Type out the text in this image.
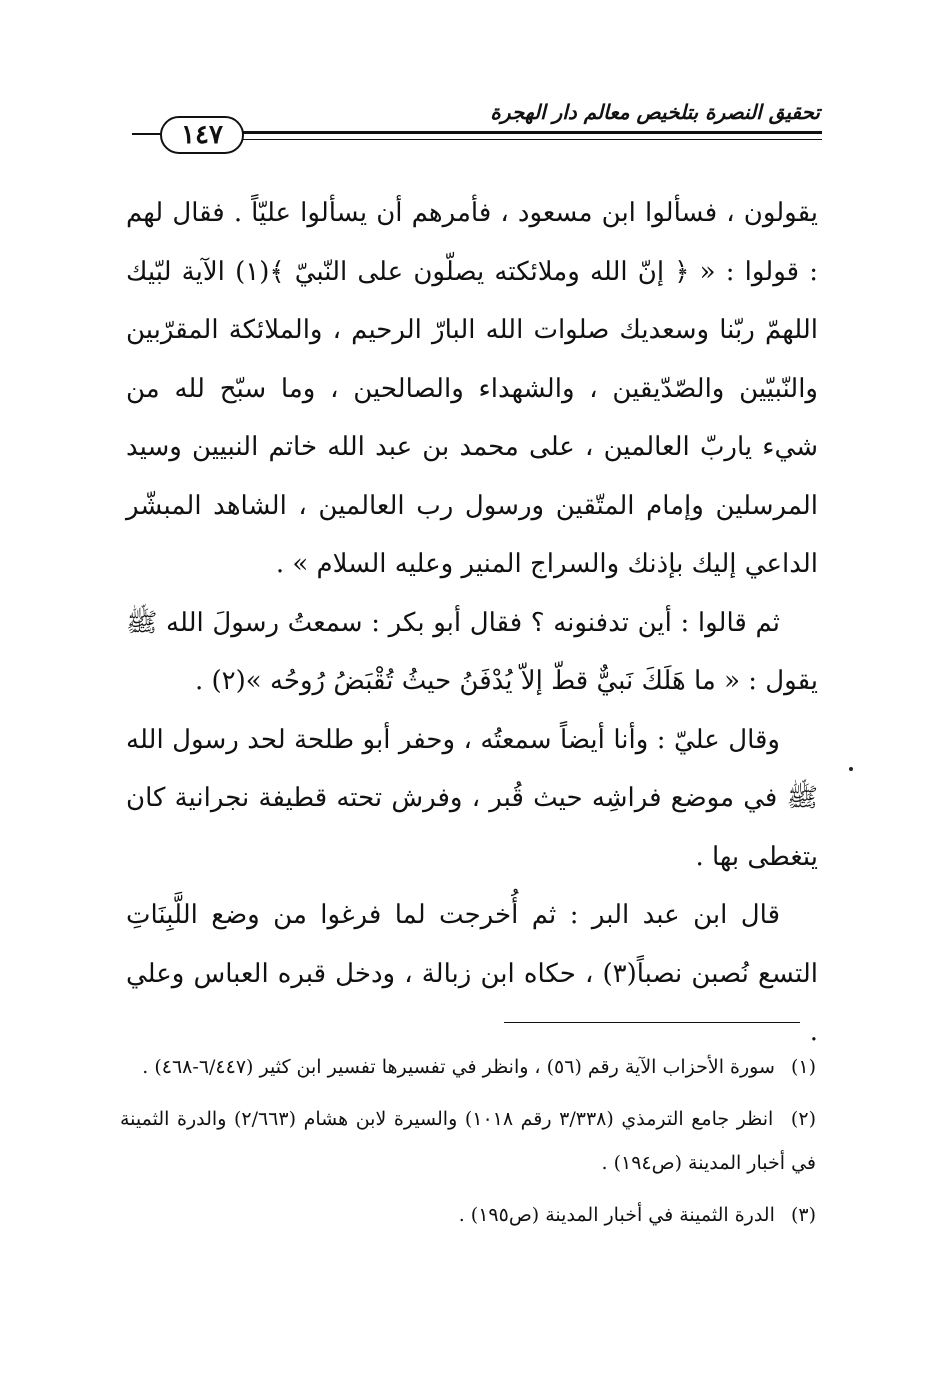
تحقيق النصرة بتلخيص معالم دار الهجرة
١٤٧

يقولون ، فسألوا ابن مسعود ، فأمرهم أن يسألوا عليّاً . فقال لهم : قولوا : « ﴿ إنّ الله وملائكته يصلّون على النّبيّ ﴾(١) الآية لبّيك اللهمّ ربّنا وسعديك صلوات الله البارّ الرحيم ، والملائكة المقرّبين والنّبيّين والصّدّيقين ، والشهداء والصالحين ، وما سبّح لله من شيء ياربّ العالمين ، على محمد بن عبد الله خاتم النبيين وسيد المرسلين وإمام المتّقين ورسول رب العالمين ، الشاهد المبشّر الداعي إليك بإذنك والسراج المنير وعليه السلام » .

ثم قالوا : أين تدفنونه ؟ فقال أبو بكر : سمعتُ رسولَ الله ﷺ يقول : « ما هَلَكَ نَبيٌّ قطّ إلاّ يُدْفَنُ حيثُ تُقْبَضُ رُوحُه »(٢) .

وقال عليّ : وأنا أيضاً سمعتُه ، وحفر أبو طلحة لحد رسول الله ﷺ في موضع فراشِه حيث قُبر ، وفرش تحته قطيفة نجرانية كان يتغطى بها .

قال ابن عبد البر : ثم أُخرجت لما فرغوا من وضع اللَّبِنَاتِ التسع نُصبن نصباً(٣) ، حكاه ابن زبالة ، ودخل قبره العباس وعلي .

(١) سورة الأحزاب الآية رقم (٥٦) ، وانظر في تفسيرها تفسير ابن كثير (٦/٤٤٧-٤٦٨) .

(٢) انظر جامع الترمذي (٣/٣٣٨ رقم ١٠١٨) والسيرة لابن هشام (٢/٦٦٣) والدرة الثمينة في أخبار المدينة (ص١٩٤) .

(٣) الدرة الثمينة في أخبار المدينة (ص١٩٥) .
